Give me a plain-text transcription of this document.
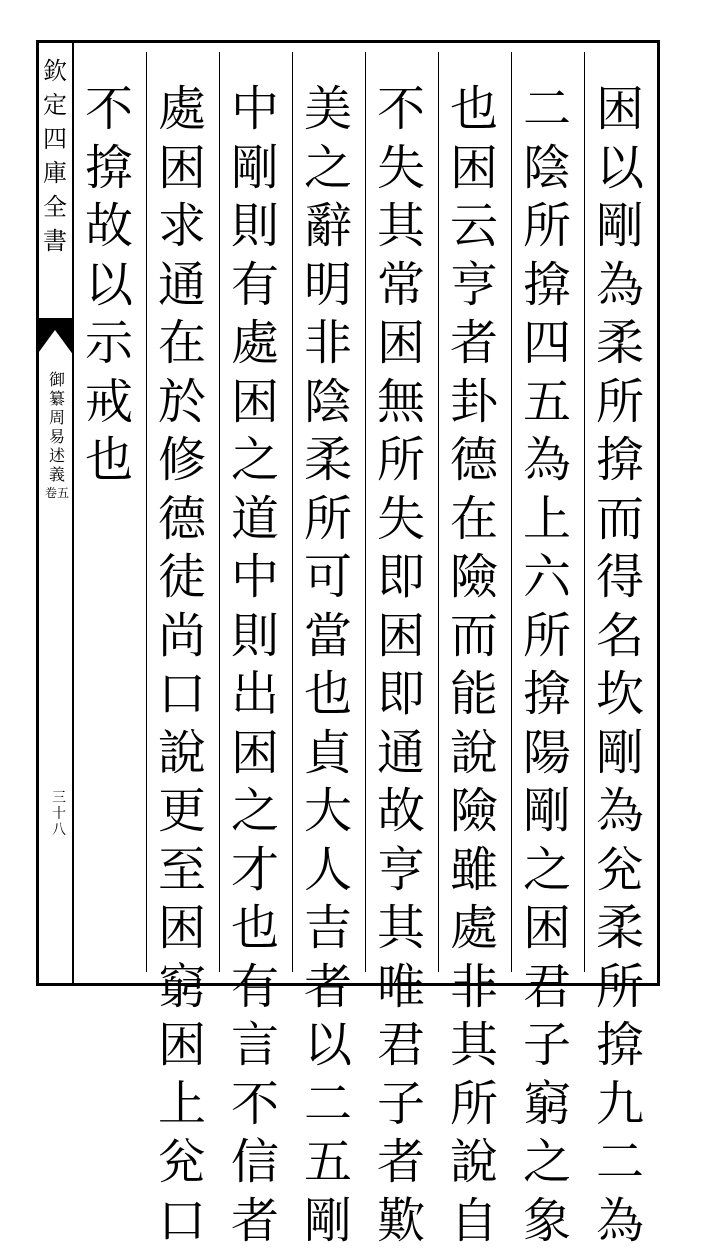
欽
定
四
庫
全
書
御
纂
周
易
述
義
卷五
三
十
八
困
以
剛
為
柔
所
揜
而
得
名
坎
剛
為
兊
柔
所
揜
九
二
為
二
陰
所
揜
四
五
為
上
六
所
揜
陽
剛
之
困
君
子
窮
之
象
也
困
云
亨
者
卦
德
在
險
而
能
說
險
雖
處
非
其
所
說
自
不
失
其
常
困
無
所
失
即
困
即
通
故
亨
其
唯
君
子
者
歎
美
之
辭
明
非
陰
柔
所
可
當
也
貞
大
人
吉
者
以
二
五
剛
中
剛
則
有
處
困
之
道
中
則
出
困
之
才
也
有
言
不
信
者
處
困
求
通
在
於
修
德
徒
尚
口
說
更
至
困
窮
困
上
兊
口
不
揜
故
以
示
戒
也
